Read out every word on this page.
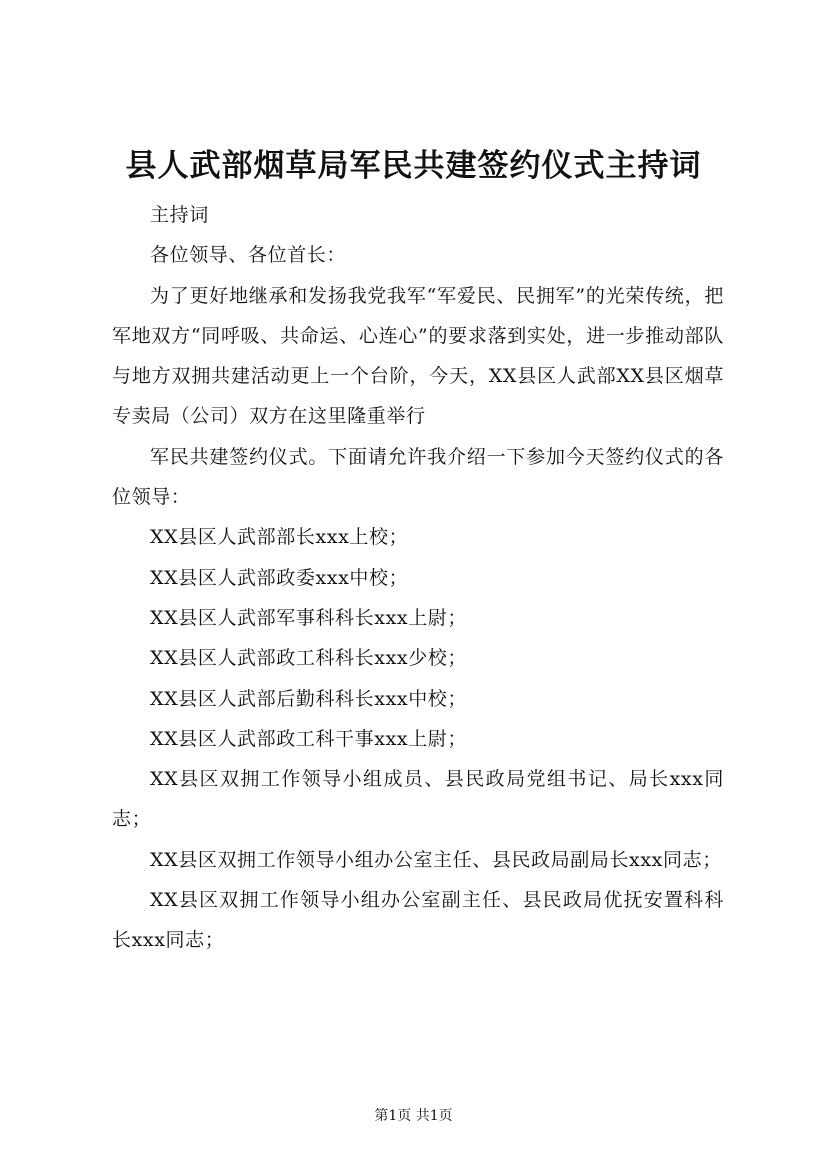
县人武部烟草局军民共建签约仪式主持词

主持词

各位领导、各位首长：

为了更好地继承和发扬我党我军“军爱民、民拥军”的光荣传统，把军地双方“同呼吸、共命运、心连心”的要求落到实处，进一步推动部队与地方双拥共建活动更上一个台阶，今天，XX县区人武部XX县区烟草专卖局（公司）双方在这里隆重举行

军民共建签约仪式。下面请允许我介绍一下参加今天签约仪式的各位领导：

XX县区人武部部长xxx上校；

XX县区人武部政委xxx中校；

XX县区人武部军事科科长xxx上尉；

XX县区人武部政工科科长xxx少校；

XX县区人武部后勤科科长xxx中校；

XX县区人武部政工科干事xxx上尉；

XX县区双拥工作领导小组成员、县民政局党组书记、局长xxx同志；

XX县区双拥工作领导小组办公室主任、县民政局副局长xxx同志；

XX县区双拥工作领导小组办公室副主任、县民政局优抚安置科科长xxx同志；

第1页 共1页
